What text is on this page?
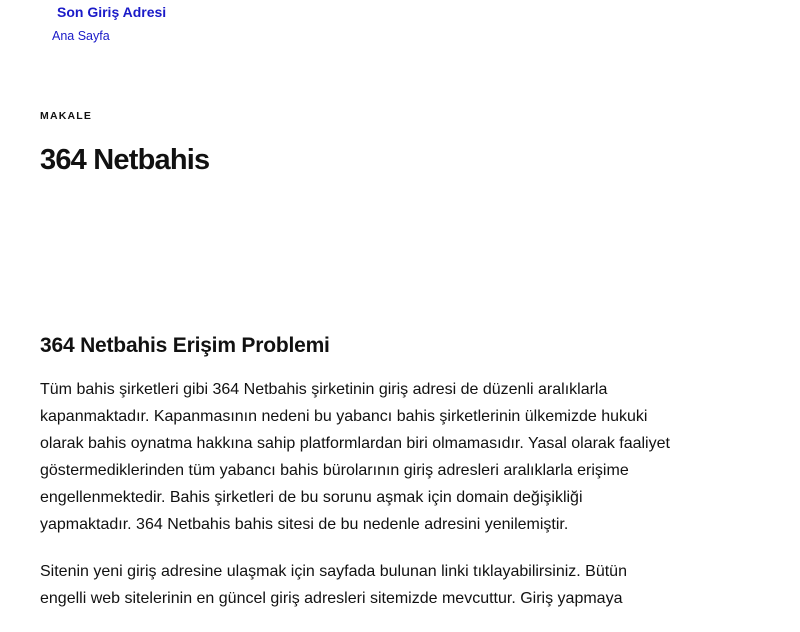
Son Giriş Adresi
Ana Sayfa
MAKALE
364 Netbahis
364 Netbahis Erişim Problemi

Tüm bahis şirketleri gibi 364 Netbahis şirketinin giriş adresi de düzenli aralıklarla
kapanmaktadır. Kapanmasının nedeni bu yabancı bahis şirketlerinin ülkemizde hukuki
olarak bahis oynatma hakkına sahip platformlardan biri olmamasıdır. Yasal olarak faaliyet
göstermediklerinden tüm yabancı bahis bürolarının giriş adresleri aralıklarla erişime
engellenmektedir. Bahis şirketleri de bu sorunu aşmak için domain değişikliği
yapmaktadır. 364 Netbahis bahis sitesi de bu nedenle adresini yenilemiştir.

Sitenin yeni giriş adresine ulaşmak için sayfada bulunan linki tıklayabilirsiniz. Bütün
engelli web sitelerinin en güncel giriş adresleri sitemizde mevcuttur. Giriş yapmaya
